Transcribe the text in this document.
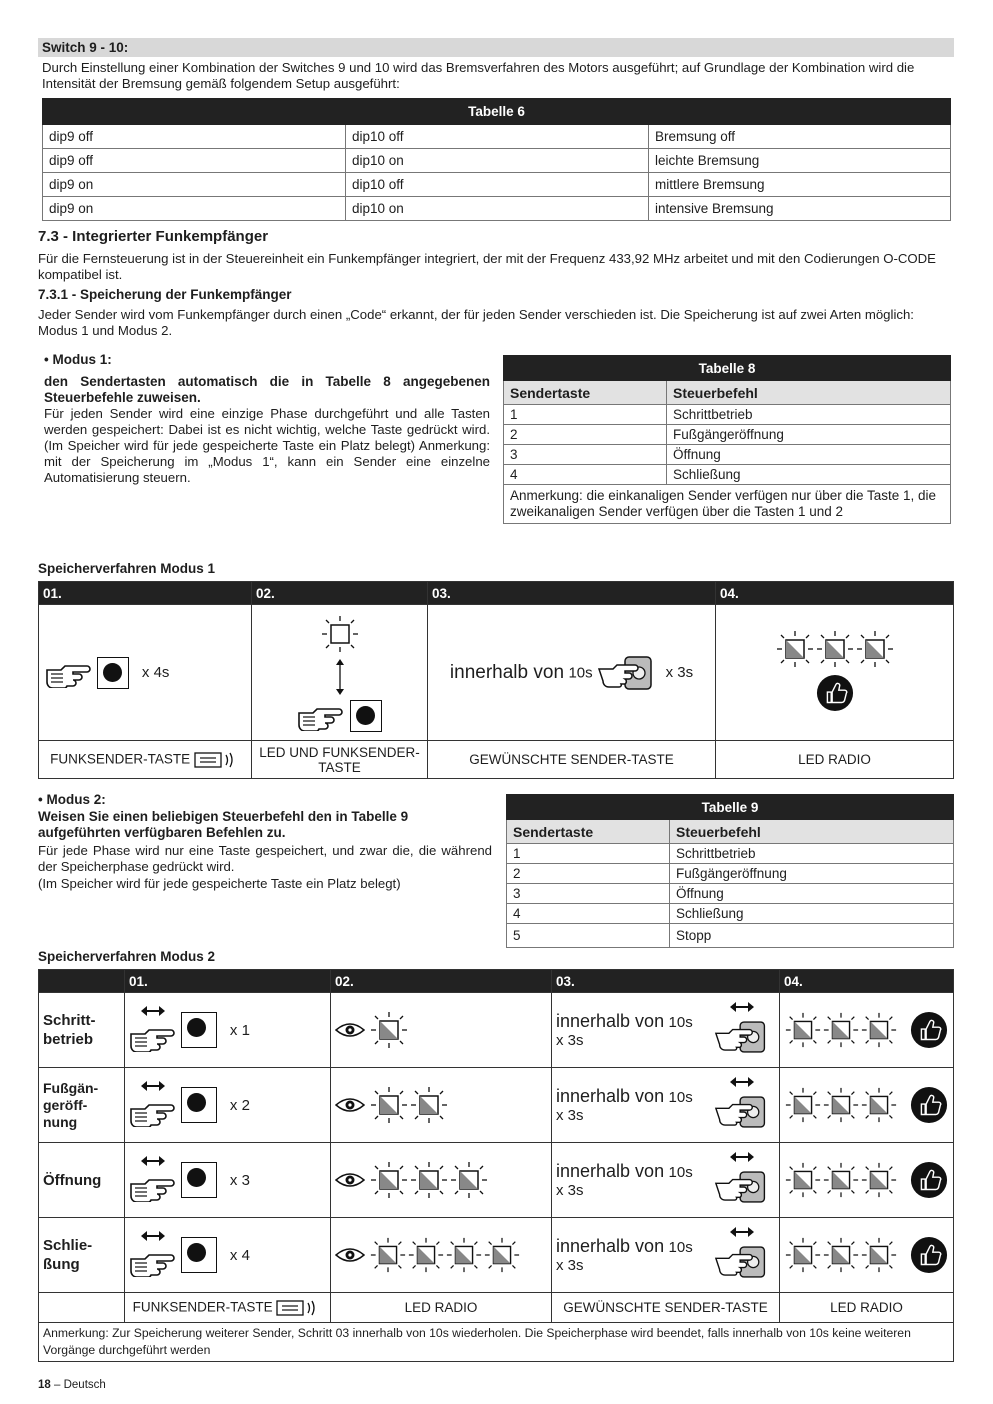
Switch 9 - 10:
Durch Einstellung einer Kombination der Switches 9 und 10 wird das Bremsverfahren des Motors ausgeführt; auf Grundlage der Kombination wird die Intensität der Bremsung gemäß folgendem Setup ausgeführt:
Tabelle 6		
dip9 off	dip10 off	Bremsung off
dip9 off	dip10 on	leichte Bremsung
dip9 on	dip10 off	mittlere Bremsung
dip9 on	dip10 on	intensive Bremsung
7.3 - Integrierter Funkempfänger
Für die Fernsteuerung ist in der Steuereinheit ein Funkempfänger integriert, der mit der Frequenz 433,92 MHz arbeitet und mit den Codierungen O-CODE kompatibel ist.
7.3.1 - Speicherung der Funkempfänger
Jeder Sender wird vom Funkempfänger durch einen „Code“ erkannt, der für jeden Sender verschieden ist. Die Speicherung ist auf zwei Arten möglich: Modus 1 und Modus 2.
• Modus 1:
den Sendertasten automatisch die in Tabelle 8 angegebenen Steuerbefehle zuweisen.
Für jeden Sender wird eine einzige Phase durchgeführt und alle Tasten werden gespeichert: Dabei ist es nicht wichtig, welche Taste gedrückt wird. (Im Speicher wird für jede gespeicherte Taste ein Platz belegt) Anmerkung: mit der Speicherung im „Modus 1“, kann ein Sender eine einzelne Automatisierung steuern.
Tabelle 8	
Sendertaste	Steuerbefehl
1	Schrittbetrieb
2	Fußgängeröffnung
3	Öffnung
4	Schließung
Anmerkung: die einkanaligen Sender verfügen nur über die Taste 1, die zweikanaligen Sender verfügen über die Tasten 1 und 2	
Speicherverfahren Modus 1
01.	02.	03.	04.
x 4s		innerhalb von 10s x 3s	

FUNKSENDER-TASTE	LED UND FUNKSENDER-TASTE	GEWÜNSCHTE SENDER-TASTE	LED RADIO
• Modus 2:
Weisen Sie einen beliebigen Steuerbefehl den in Tabelle 9 aufgeführten verfügbaren Befehlen zu.
Für jede Phase wird nur eine Taste gespeichert, und zwar die, die während der Speicherphase gedrückt wird.
(Im Speicher wird für jede gespeicherte Taste ein Platz belegt)
Tabelle 9	
Sendertaste	Steuerbefehl
1	Schrittbetrieb
2	Fußgängeröffnung
3	Öffnung
4	Schließung
5	Stopp
Speicherverfahren Modus 2
	01.	02.	03.	04.
Schritt-
betrieb	x 1		innerhalb von 10s
x 3s

Fußgän-
geröff-
nung	x 2		innerhalb von 10s
x 3s

Öffnung	x 3		innerhalb von 10s
x 3s

Schlie-
ßung	x 4		innerhalb von 10s
x 3s

	FUNKSENDER-TASTE	LED RADIO	GEWÜNSCHTE SENDER-TASTE	LED RADIO
Anmerkung: Zur Speicherung weiterer Sender, Schritt 03 innerhalb von 10s wiederholen. Die Speicherphase wird beendet, falls innerhalb von 10s keine weiteren Vorgänge durchgeführt werden				
18 – Deutsch
